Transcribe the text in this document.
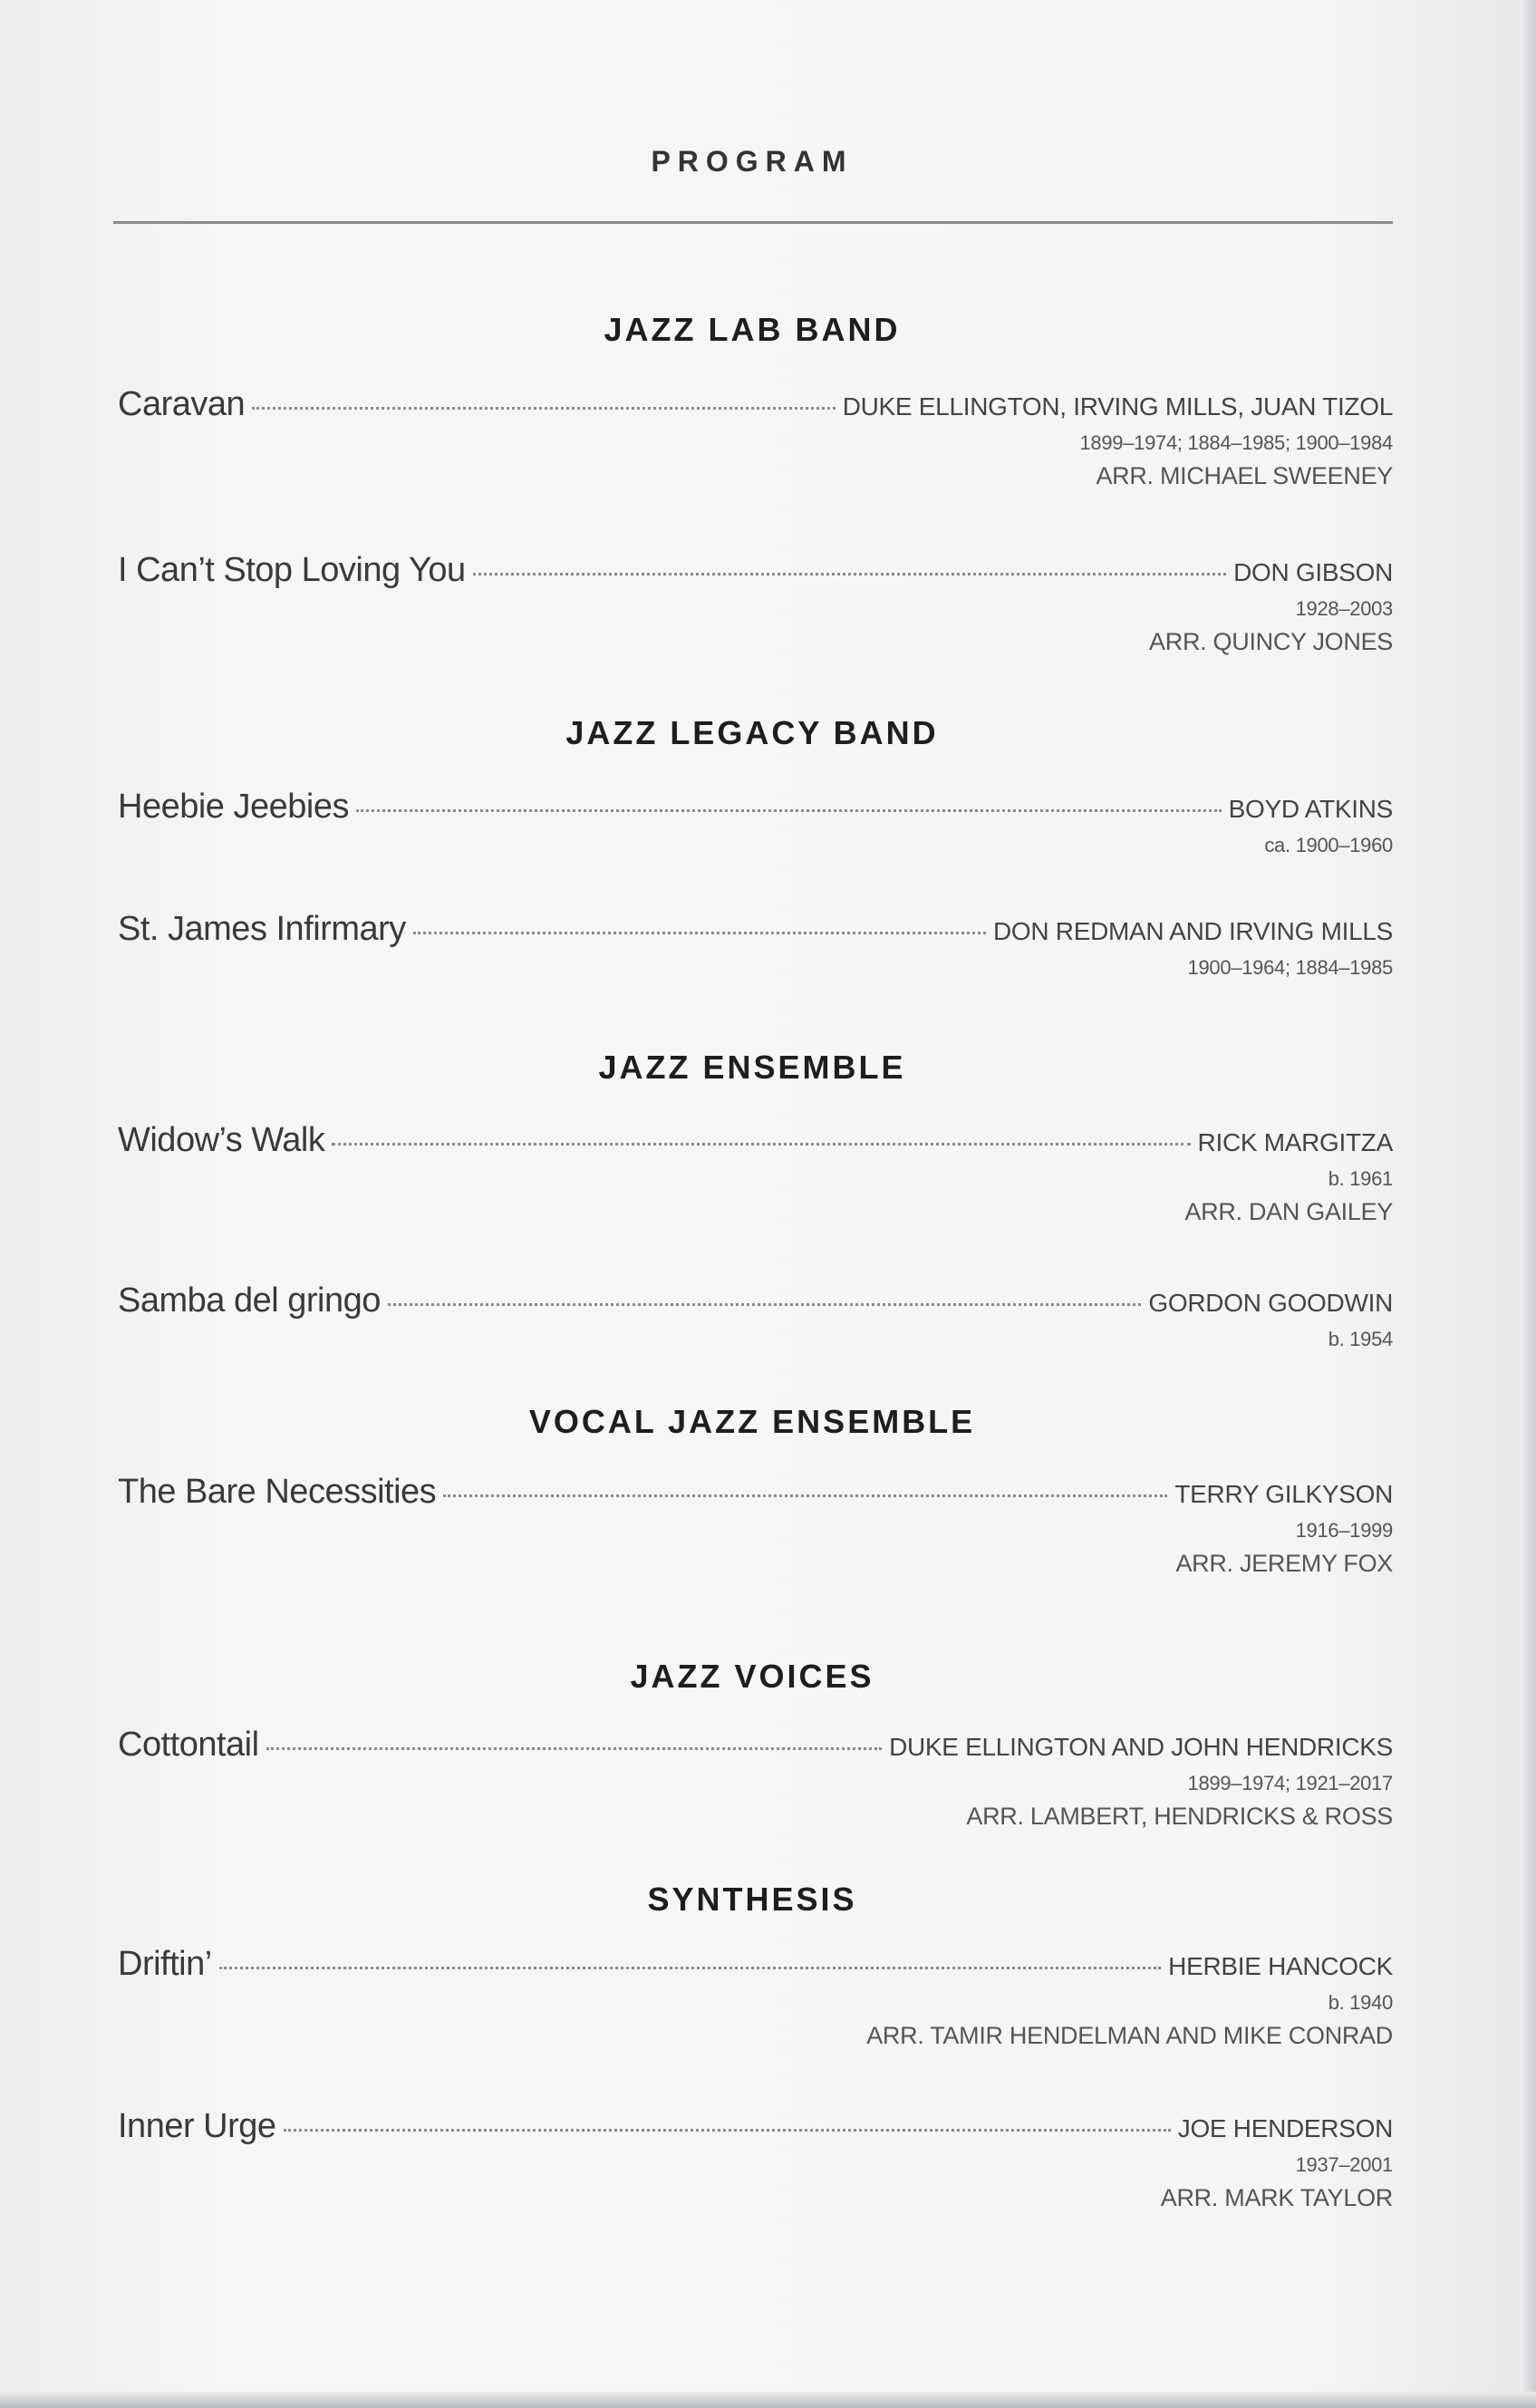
PROGRAM
JAZZ LAB BAND
Caravan	DUKE ELLINGTON, IRVING MILLS, JUAN TIZOL
1899–1974; 1884–1985; 1900–1984
ARR. MICHAEL SWEENEY
I Can’t Stop Loving You	DON GIBSON
1928–2003
ARR. QUINCY JONES
JAZZ LEGACY BAND
Heebie Jeebies	BOYD ATKINS
ca. 1900–1960
St. James Infirmary	DON REDMAN AND IRVING MILLS
1900–1964; 1884–1985
JAZZ ENSEMBLE
Widow’s Walk	RICK MARGITZA
b. 1961
ARR. DAN GAILEY
Samba del gringo	GORDON GOODWIN
b. 1954
VOCAL JAZZ ENSEMBLE
The Bare Necessities	TERRY GILKYSON
1916–1999
ARR. JEREMY FOX
JAZZ VOICES
Cottontail	DUKE ELLINGTON AND JOHN HENDRICKS
1899–1974; 1921–2017
ARR. LAMBERT, HENDRICKS & ROSS
SYNTHESIS
Driftin’	HERBIE HANCOCK
b. 1940
ARR. TAMIR HENDELMAN AND MIKE CONRAD
Inner Urge	JOE HENDERSON
1937–2001
ARR. MARK TAYLOR
